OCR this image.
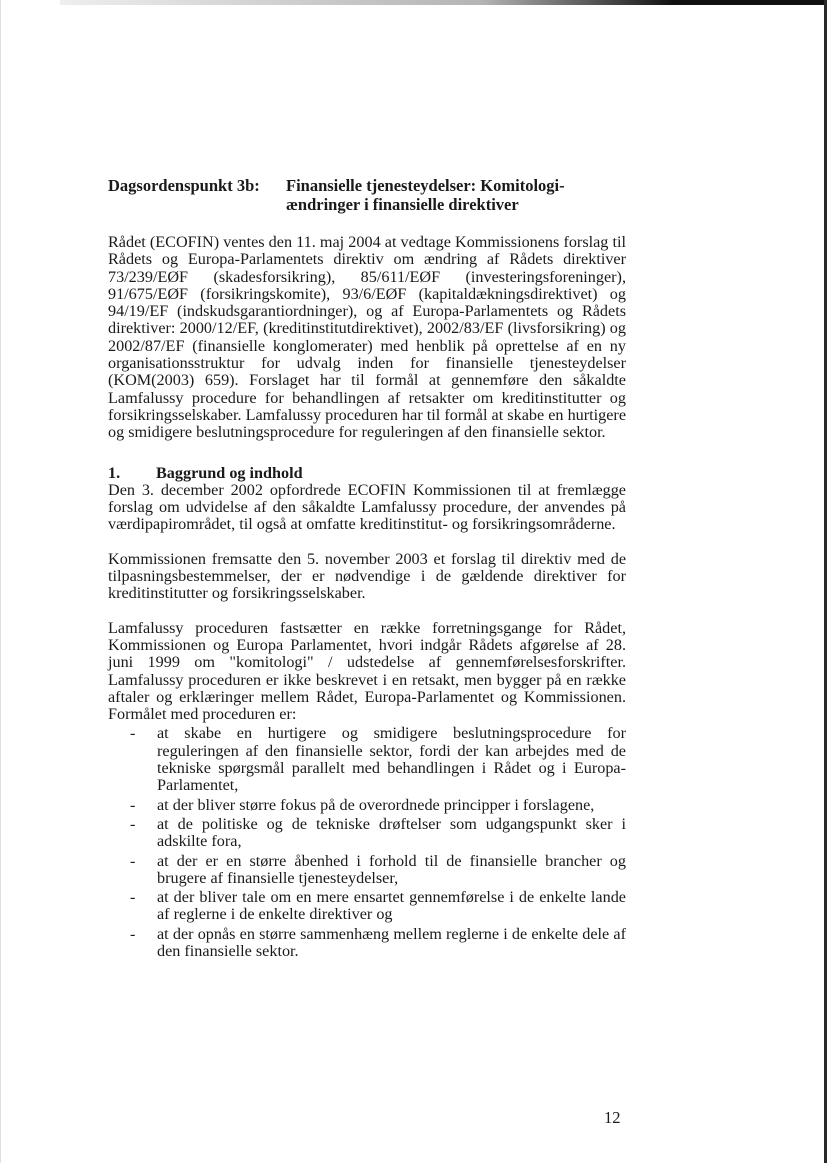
Dagsordenspunkt 3b:	Finansielle tjenesteydelser: Komitologi-ændringer i finansielle direktiver

Rådet (ECOFIN) ventes den 11. maj 2004 at vedtage Kommissionens forslag til Rådets og Europa-Parlamentets direktiv om ændring af Rådets direktiver 73/239/EØF (skadesforsikring), 85/611/EØF (investeringsforeninger), 91/675/EØF (forsikringskomite), 93/6/EØF (kapitaldækningsdirektivet) og 94/19/EF (indskudsgarantiordninger), og af Europa-Parlamentets og Rådets direktiver: 2000/12/EF, (kreditinstitutdirektivet), 2002/83/EF (livsforsikring) og 2002/87/EF (finansielle konglomerater) med henblik på oprettelse af en ny organisationsstruktur for udvalg inden for finansielle tjenesteydelser (KOM(2003) 659). Forslaget har til formål at gennemføre den såkaldte Lamfalussy procedure for behandlingen af retsakter om kreditinstitutter og forsikringsselskaber. Lamfalussy proceduren har til formål at skabe en hurtigere og smidigere beslutningsprocedure for reguleringen af den finansielle sektor.

1.	Baggrund og indhold

Den 3. december 2002 opfordrede ECOFIN Kommissionen til at fremlægge forslag om udvidelse af den såkaldte Lamfalussy procedure, der anvendes på værdipapirområdet, til også at omfatte kreditinstitut- og forsikringsområderne.

Kommissionen fremsatte den 5. november 2003 et forslag til direktiv med de tilpasningsbestemmelser, der er nødvendige i de gældende direktiver for kreditinstitutter og forsikringsselskaber.

Lamfalussy proceduren fastsætter en række forretningsgange for Rådet, Kommissionen og Europa Parlamentet, hvori indgår Rådets afgørelse af 28. juni 1999 om "komitologi" / udstedelse af gennemførelsesforskrifter. Lamfalussy proceduren er ikke beskrevet i en retsakt, men bygger på en række aftaler og erklæringer mellem Rådet, Europa-Parlamentet og Kommissionen. Formålet med proceduren er:

-	at skabe en hurtigere og smidigere beslutningsprocedure for reguleringen af den finansielle sektor, fordi der kan arbejdes med de tekniske spørgsmål parallelt med behandlingen i Rådet og i Europa-Parlamentet,
-	at der bliver større fokus på de overordnede principper i forslagene,
-	at de politiske og de tekniske drøftelser som udgangspunkt sker i adskilte fora,
-	at der er en større åbenhed i forhold til de finansielle brancher og brugere af finansielle tjenesteydelser,
-	at der bliver tale om en mere ensartet gennemførelse i de enkelte lande af reglerne i de enkelte direktiver og
-	at der opnås en større sammenhæng mellem reglerne i de enkelte dele af den finansielle sektor.
12
